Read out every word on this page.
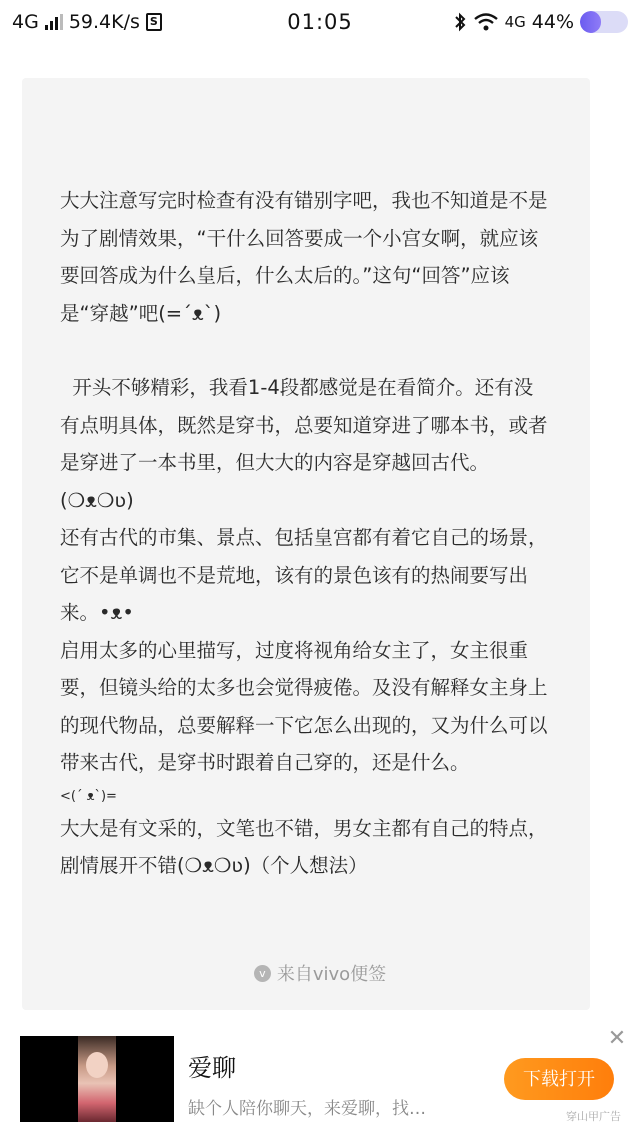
4G 59.4K/s S	01:05	4G 44%
大大注意写完时检查有没有错别字吧，我也不知道是不是为了剧情效果，“干什么回答要成一个小宫女啊，就应该要回答成为什么皇后，什么太后的。”这句“回答”应该是“穿越”吧(=´ᴥ`)
开头不够精彩，我看1-4段都感觉是在看简介。还有没有点明具体，既然是穿书，总要知道穿进了哪本书，或者是穿进了一本书里，但大大的内容是穿越回古代。
(❍ᴥ❍ʋ)
还有古代的市集、景点、包括皇宫都有着它自己的场景，它不是单调也不是荒地，该有的景色该有的热闹要写出来。•ᴥ•
启用太多的心里描写，过度将视角给女主了，女主很重要，但镜头给的太多也会觉得疲倦。及没有解释女主身上的现代物品，总要解释一下它怎么出现的，又为什么可以带来古代，是穿书时跟着自己穿的，还是什么。
<(´ ᴥ`)=
大大是有文采的，文笔也不错，男女主都有自己的特点，剧情展开不错(❍ᴥ❍ʋ)（个人想法）
v 来自vivo便签
爱聊
缺个人陪你聊天，来爱聊，找…
下载打开
✕
穿山甲广告
